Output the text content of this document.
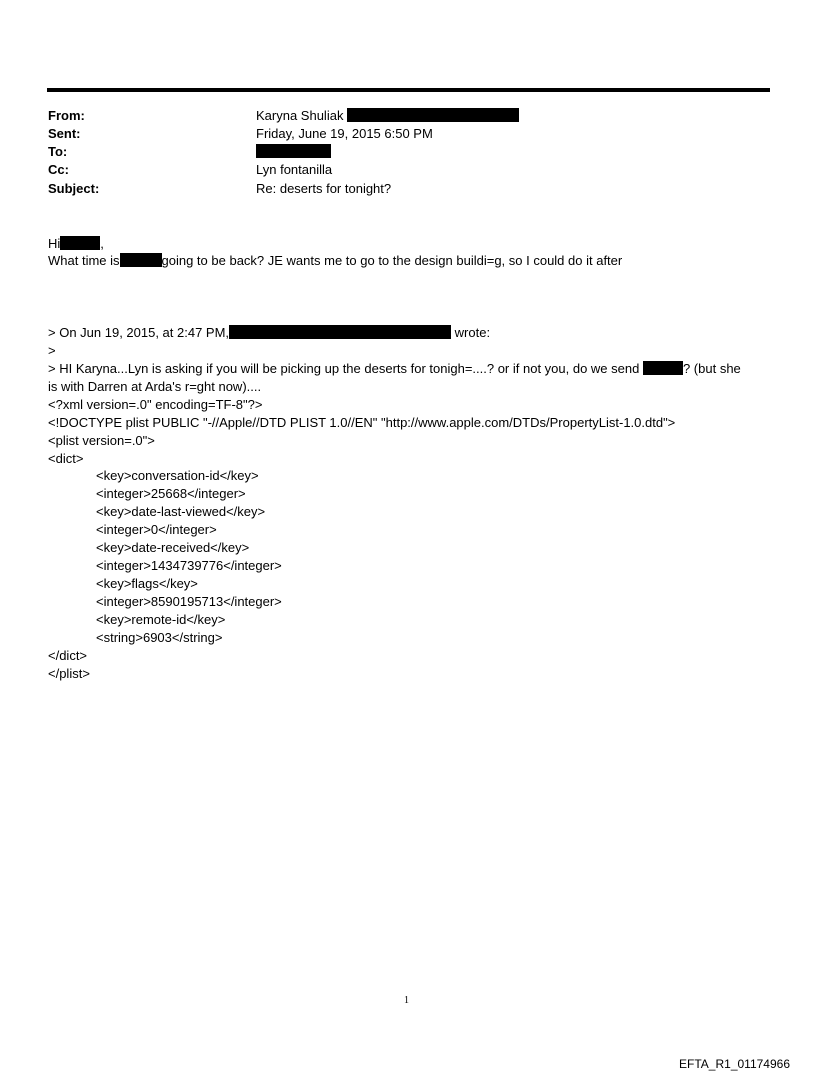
From:	Karyna Shuliak
Sent:	Friday, June 19, 2015 6:50 PM
To:
Cc:	Lyn fontanilla
Subject:	Re: deserts for tonight?
Hi	,
What time is	going to be back? JE wants me to go to the design buildi=g, so I could do it after
> On Jun 19, 2015, at 2:47 PM,	wrote:
>
> HI Karyna...Lyn is asking if you will be picking up the deserts for tonigh=....? or if not you, do we send	? (but she
is with Darren at Arda's r=ght now)....
<?xml version=.0" encoding=TF-8"?>
<!DOCTYPE plist PUBLIC "-//Apple//DTD PLIST 1.0//EN" "http://www.apple.com/DTDs/PropertyList-1.0.dtd">
<plist version=.0">
<dict>
<key>conversation-id</key>
<integer>25668</integer>
<key>date-last-viewed</key>
<integer>0</integer>
<key>date-received</key>
<integer>1434739776</integer>
<key>flags</key>
<integer>8590195713</integer>
<key>remote-id</key>
<string>6903</string>
</dict>
</plist>
1
EFTA_R1_01174966
